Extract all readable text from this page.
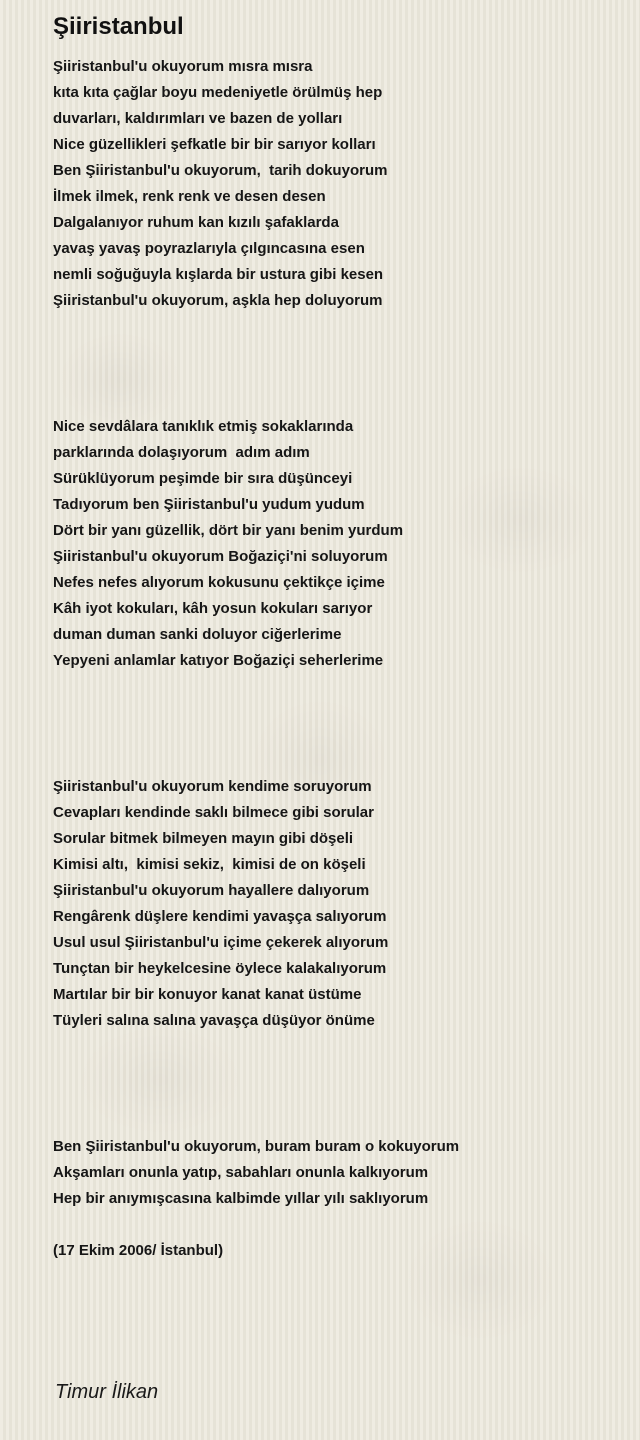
Şiiristanbul
Şiiristanbul'u okuyorum mısra mısra
kıta kıta çağlar boyu medeniyetle örülmüş hep
duvarları, kaldırımları ve bazen de yolları
Nice güzellikleri şefkatle bir bir sarıyor kolları
Ben Şiiristanbul'u okuyorum,  tarih dokuyorum
İlmek ilmek, renk renk ve desen desen
Dalgalanıyor ruhum kan kızılı şafaklarda
yavaş yavaş poyrazlarıyla çılgıncasına esen
nemli soğuğuyla kışlarda bir ustura gibi kesen
Şiiristanbul'u okuyorum, aşkla hep doluyorum
Nice sevdâlara tanıklık etmiş sokaklarında
parklarında dolaşıyorum  adım adım
Sürüklüyorum peşimde bir sıra düşünceyi
Tadıyorum ben Şiiristanbul'u yudum yudum
Dört bir yanı güzellik, dört bir yanı benim yurdum
Şiiristanbul'u okuyorum Boğaziçi'ni soluyorum
Nefes nefes alıyorum kokusunu çektikçe içime
Kâh iyot kokuları, kâh yosun kokuları sarıyor
duman duman sanki doluyor ciğerlerime
Yepyeni anlamlar katıyor Boğaziçi seherlerime
Şiiristanbul'u okuyorum kendime soruyorum
Cevapları kendinde saklı bilmece gibi sorular
Sorular bitmek bilmeyen mayın gibi döşeli
Kimisi altı,  kimisi sekiz,  kimisi de on köşeli
Şiiristanbul'u okuyorum hayallere dalıyorum
Rengârenk düşlere kendimi yavaşça salıyorum
Usul usul Şiiristanbul'u içime çekerek alıyorum
Tunçtan bir heykelcesine öylece kalakalıyorum
Martılar bir bir konuyor kanat kanat üstüme
Tüyleri salına salına yavaşça düşüyor önüme
Ben Şiiristanbul'u okuyorum, buram buram o kokuyorum
Akşamları onunla yatıp, sabahları onunla kalkıyorum
Hep bir anıymışcasına kalbimde yıllar yılı saklıyorum
(17 Ekim 2006/ İstanbul)
Timur İlikan
